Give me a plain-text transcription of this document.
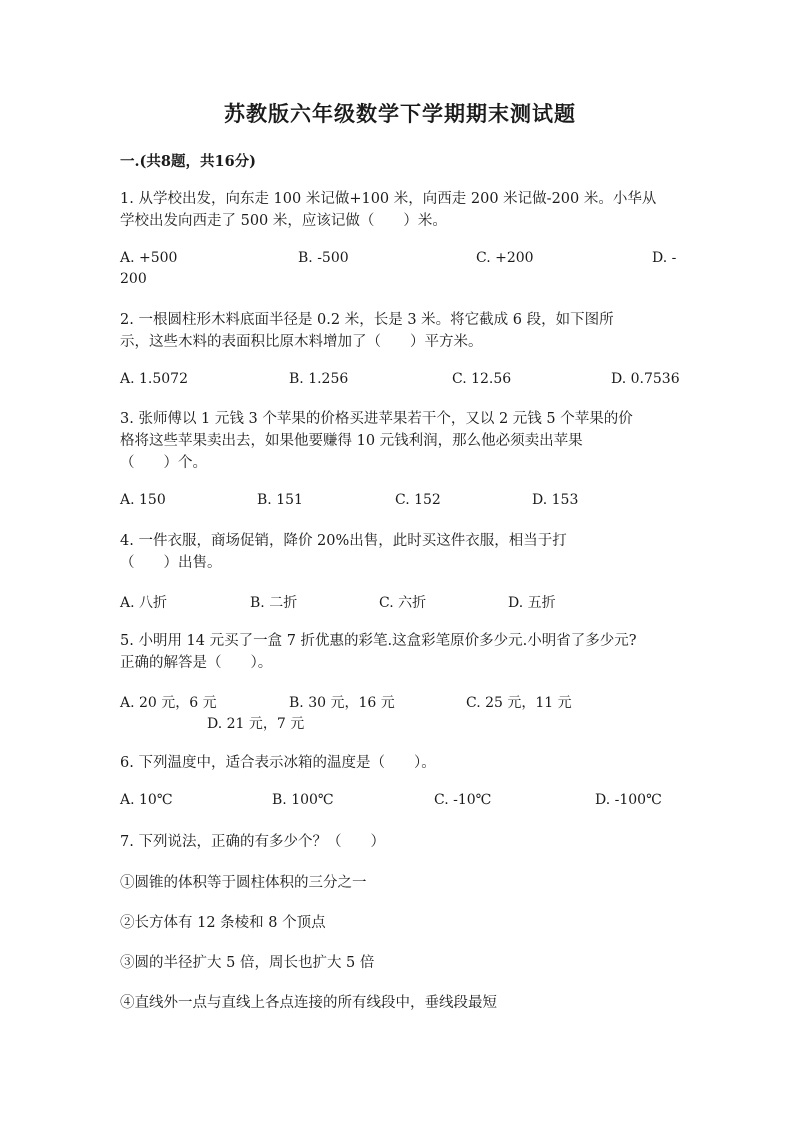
苏教版六年级数学下学期期末测试题
一.(共8题，共16分)
1. 从学校出发，向东走 100 米记做+100 米，向西走 200 米记做-200 米。小华从
学校出发向西走了 500 米，应该记做（　　）米。
A. +500	B. -500	C. +200	D. -
200
2. 一根圆柱形木料底面半径是 0.2 米，长是 3 米。将它截成 6 段，如下图所
示，这些木料的表面积比原木料增加了（　　）平方米。
A. 1.5072	B. 1.256	C. 12.56	D. 0.7536
3. 张师傅以 1 元钱 3 个苹果的价格买进苹果若干个，又以 2 元钱 5 个苹果的价
格将这些苹果卖出去，如果他要赚得 10 元钱利润，那么他必须卖出苹果
（　　）个。
A. 150	B. 151	C. 152	D. 153
4. 一件衣服，商场促销，降价 20%出售，此时买这件衣服，相当于打
（　　）出售。
A. 八折	B. 二折	C. 六折	D. 五折
5. 小明用 14 元买了一盒 7 折优惠的彩笔.这盒彩笔原价多少元.小明省了多少元?
正确的解答是（　　）。
A. 20 元，6 元	B. 30 元，16 元	C. 25 元，11 元
D. 21 元，7 元
6. 下列温度中，适合表示冰箱的温度是（　　）。
A. 10℃	B. 100℃	C. -10℃	D. -100℃
7. 下列说法，正确的有多少个？（　　）
①圆锥的体积等于圆柱体积的三分之一
②长方体有 12 条棱和 8 个顶点
③圆的半径扩大 5 倍，周长也扩大 5 倍
④直线外一点与直线上各点连接的所有线段中，垂线段最短
